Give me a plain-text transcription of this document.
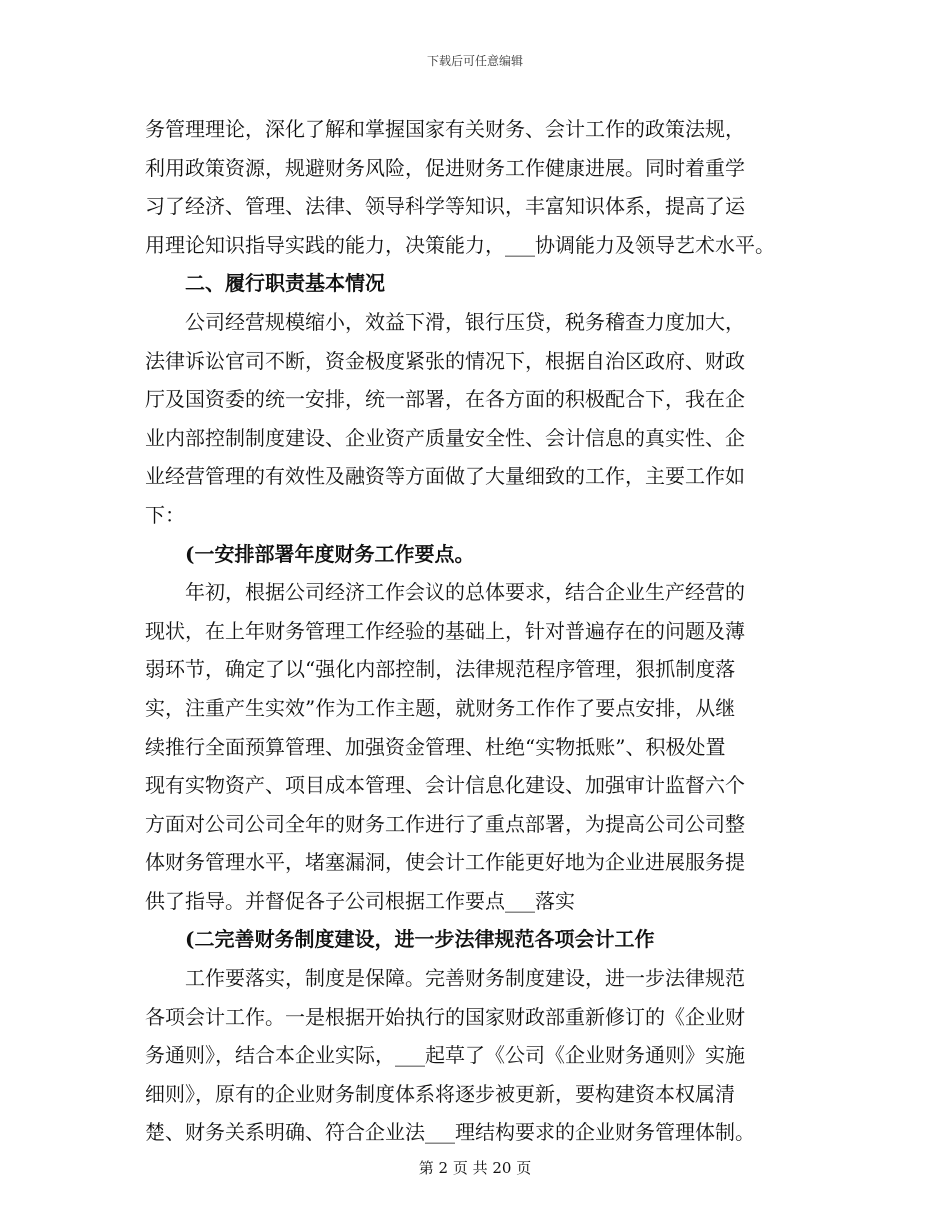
下载后可任意编辑
务管理理论，深化了解和掌握国家有关财务、会计工作的政策法规，
利用政策资源，规避财务风险，促进财务工作健康进展。同时着重学
习了经济、管理、法律、领导科学等知识，丰富知识体系，提高了运
用理论知识指导实践的能力，决策能力，___协调能力及领导艺术水平。
二、履行职责基本情况
公司经营规模缩小，效益下滑，银行压贷，税务稽查力度加大，
法律诉讼官司不断，资金极度紧张的情况下，根据自治区政府、财政
厅及国资委的统一安排，统一部署，在各方面的积极配合下，我在企
业内部控制制度建设、企业资产质量安全性、会计信息的真实性、企
业经营管理的有效性及融资等方面做了大量细致的工作，主要工作如
下：
(一安排部署年度财务工作要点。
年初，根据公司经济工作会议的总体要求，结合企业生产经营的
现状，在上年财务管理工作经验的基础上，针对普遍存在的问题及薄
弱环节，确定了以“强化内部控制，法律规范程序管理，狠抓制度落
实，注重产生实效”作为工作主题，就财务工作作了要点安排，从继
续推行全面预算管理、加强资金管理、杜绝“实物抵账”、积极处置
现有实物资产、项目成本管理、会计信息化建设、加强审计监督六个
方面对公司公司全年的财务工作进行了重点部署，为提高公司公司整
体财务管理水平，堵塞漏洞，使会计工作能更好地为企业进展服务提
供了指导。并督促各子公司根据工作要点___落实
(二完善财务制度建设，进一步法律规范各项会计工作
工作要落实，制度是保障。完善财务制度建设，进一步法律规范
各项会计工作。一是根据开始执行的国家财政部重新修订的《企业财
务通则》，结合本企业实际，___起草了《公司《企业财务通则》实施
细则》，原有的企业财务制度体系将逐步被更新，要构建资本权属清
楚、财务关系明确、符合企业法___理结构要求的企业财务管理体制。
第 2 页 共 20 页
